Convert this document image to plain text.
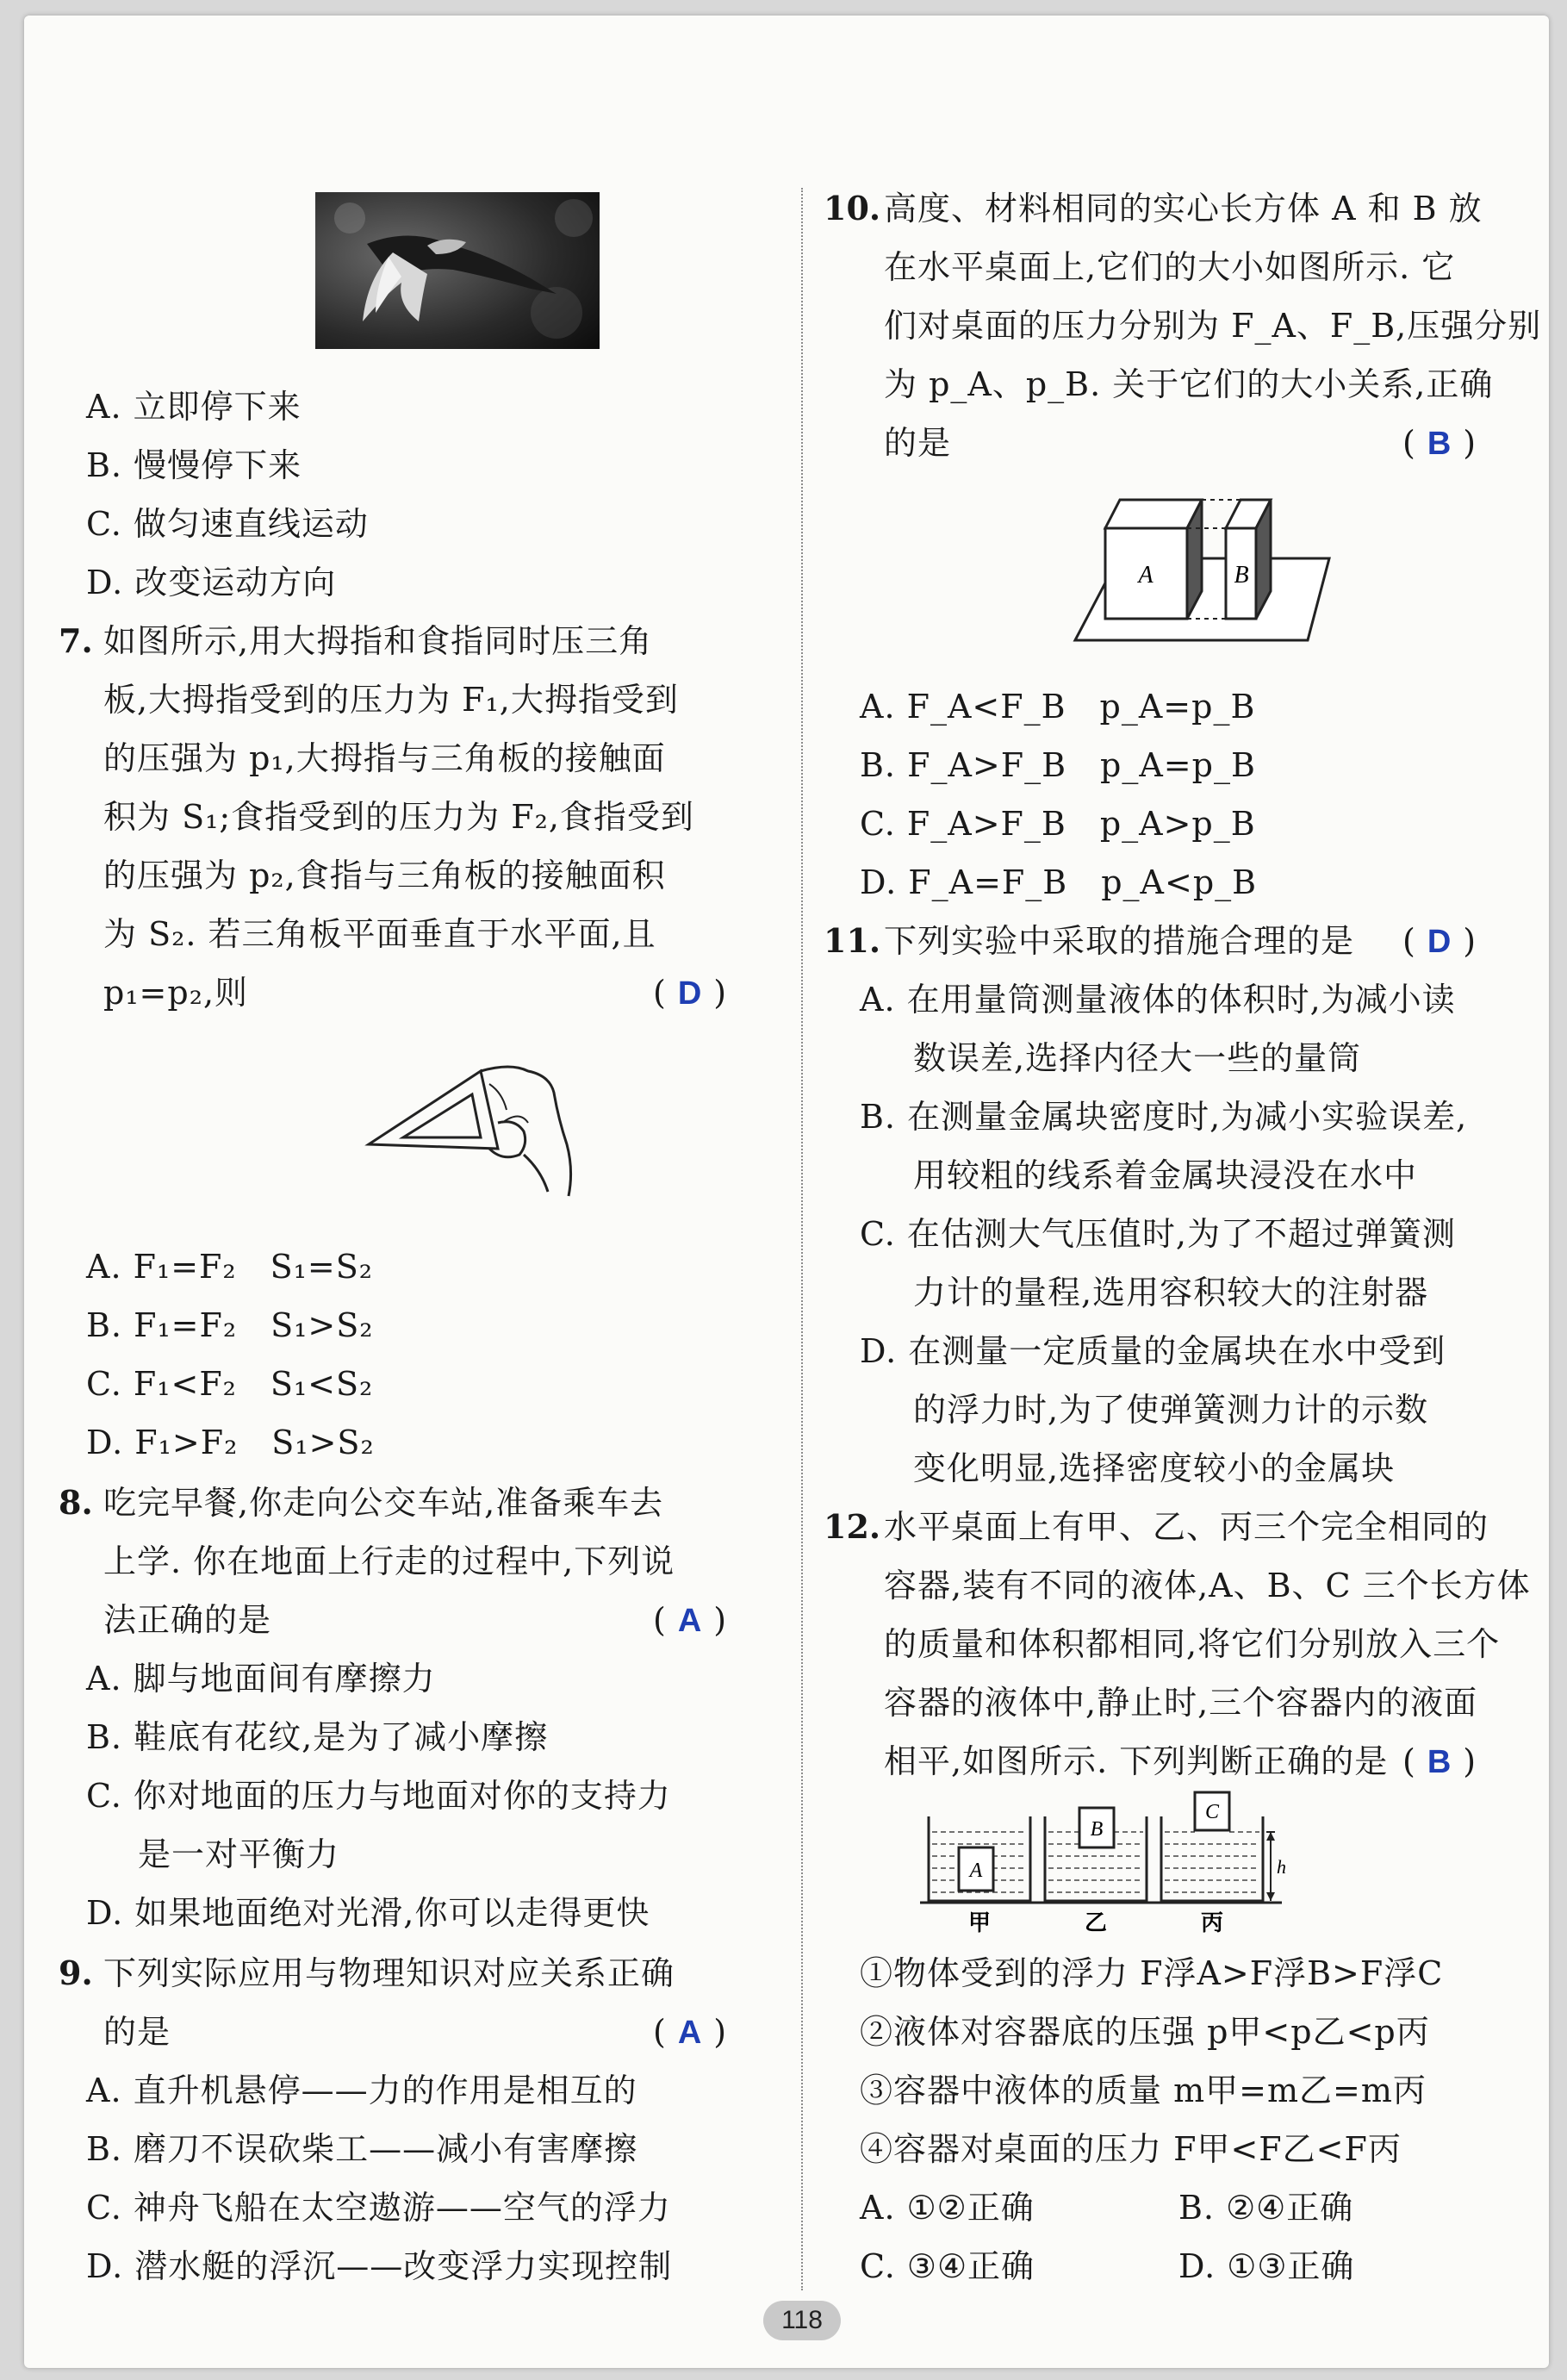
A. 立即停下来
B. 慢慢停下来
C. 做匀速直线运动
D. 改变运动方向
7. 如图所示,用大拇指和食指同时压三角
板,大拇指受到的压力为 F₁,大拇指受到
的压强为 p₁,大拇指与三角板的接触面
积为 S₁;食指受到的压力为 F₂,食指受到
的压强为 p₂,食指与三角板的接触面积
为 S₂. 若三角板平面垂直于水平面,且
p₁=p₂,则	( D )
A. F₁=F₂　S₁=S₂
B. F₁=F₂　S₁>S₂
C. F₁<F₂　S₁<S₂
D. F₁>F₂　S₁>S₂
8. 吃完早餐,你走向公交车站,准备乘车去
上学. 你在地面上行走的过程中,下列说
法正确的是	( A )
A. 脚与地面间有摩擦力
B. 鞋底有花纹,是为了减小摩擦
C. 你对地面的压力与地面对你的支持力
是一对平衡力
D. 如果地面绝对光滑,你可以走得更快
9. 下列实际应用与物理知识对应关系正确
的是	( A )
A. 直升机悬停——力的作用是相互的
B. 磨刀不误砍柴工——减小有害摩擦
C. 神舟飞船在太空遨游——空气的浮力
D. 潜水艇的浮沉——改变浮力实现控制
10. 高度、材料相同的实心长方体 A 和 B 放
在水平桌面上,它们的大小如图所示. 它
们对桌面的压力分别为 F_A、F_B,压强分别
为 p_A、p_B. 关于它们的大小关系,正确
的是	( B )
A	B
A. F_A<F_B　p_A=p_B
B. F_A>F_B　p_A=p_B
C. F_A>F_B　p_A>p_B
D. F_A=F_B　p_A<p_B
11. 下列实验中采取的措施合理的是 ( D )
A. 在用量筒测量液体的体积时,为减小读
数误差,选择内径大一些的量筒
B. 在测量金属块密度时,为减小实验误差,
用较粗的线系着金属块浸没在水中
C. 在估测大气压值时,为了不超过弹簧测
力计的量程,选用容积较大的注射器
D. 在测量一定质量的金属块在水中受到
的浮力时,为了使弹簧测力计的示数
变化明显,选择密度较小的金属块
12. 水平桌面上有甲、乙、丙三个完全相同的
容器,装有不同的液体,A、B、C 三个长方体
的质量和体积都相同,将它们分别放入三个
容器的液体中,静止时,三个容器内的液面
相平,如图所示. 下列判断正确的是 ( B )
A
B
C
h
甲	乙	丙
①物体受到的浮力 F浮A>F浮B>F浮C
②液体对容器底的压强 p甲<p乙<p丙
③容器中液体的质量 m甲=m乙=m丙
④容器对桌面的压力 F甲<F乙<F丙
A. ①②正确	B. ②④正确
C. ③④正确	D. ①③正确
118
